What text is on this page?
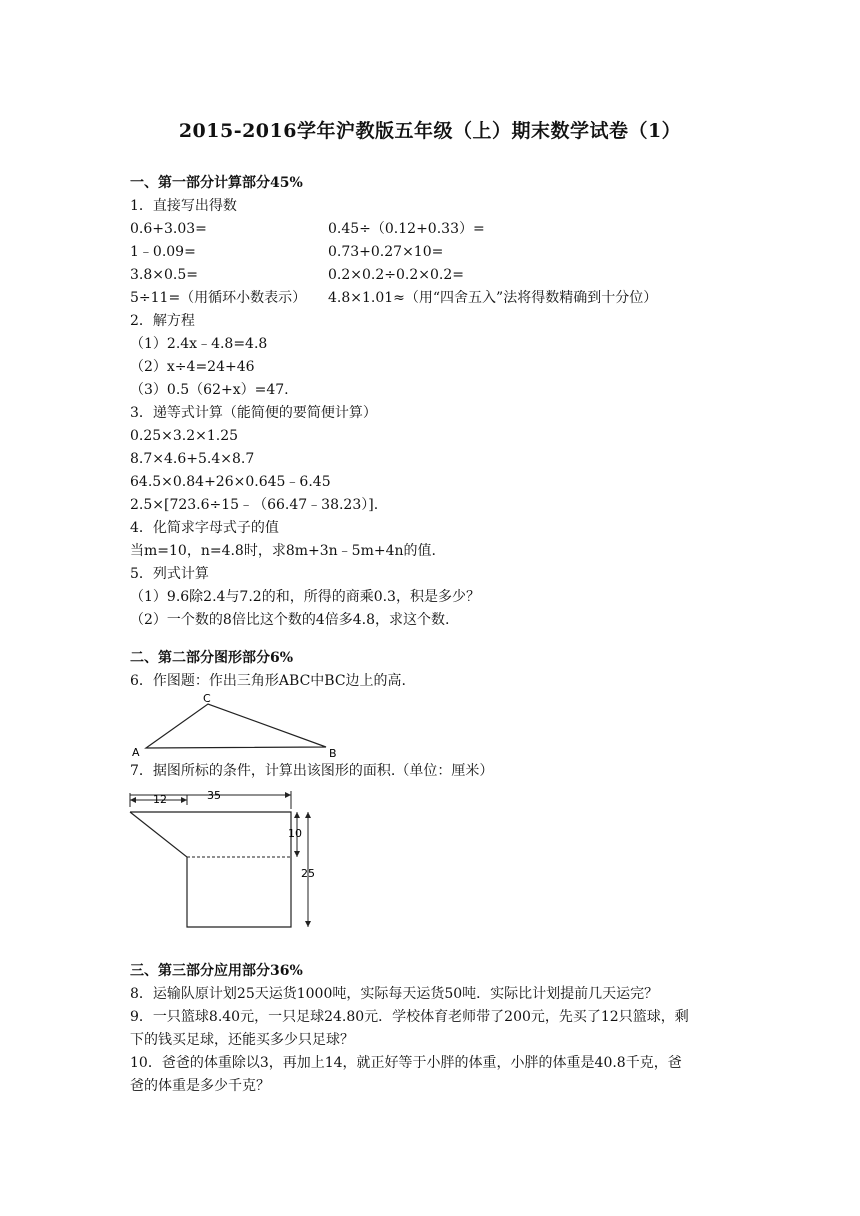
2015-2016学年沪教版五年级（上）期末数学试卷（1）
一、第一部分计算部分45%
1．直接写出得数
0.6+3.03=	0.45÷（0.12+0.33）=
1﹣0.09=	0.73+0.27×10=
3.8×0.5=	0.2×0.2÷0.2×0.2=
5÷11=（用循环小数表示） 4.8×1.01≈（用“四舍五入”法将得数精确到十分位）
2．解方程
（1）2.4x﹣4.8=4.8
（2）x÷4=24+46
（3）0.5（62+x）=47.
3．递等式计算（能简便的要简便计算）
0.25×3.2×1.25
8.7×4.6+5.4×8.7
64.5×0.84+26×0.645﹣6.45
2.5×[723.6÷15﹣（66.47﹣38.23）].
4．化简求字母式子的值
当m=10，n=4.8时，求8m+3n﹣5m+4n的值.
5．列式计算
（1）9.6除2.4与7.2的和，所得的商乘0.3，积是多少？
（2）一个数的8倍比这个数的4倍多4.8，求这个数.
二、第二部分图形部分6%
6．作图题：作出三角形ABC中BC边上的高.
A	B
C
7．据图所标的条件，计算出该图形的面积.（单位：厘米）
12	35
10
25
三、第三部分应用部分36%
8．运输队原计划25天运货1000吨，实际每天运货50吨．实际比计划提前几天运完？
9．一只篮球8.40元，一只足球24.80元．学校体育老师带了200元，先买了12只篮球，剩
下的钱买足球，还能买多少只足球？
10．爸爸的体重除以3，再加上14，就正好等于小胖的体重，小胖的体重是40.8千克，爸
爸的体重是多少千克？
